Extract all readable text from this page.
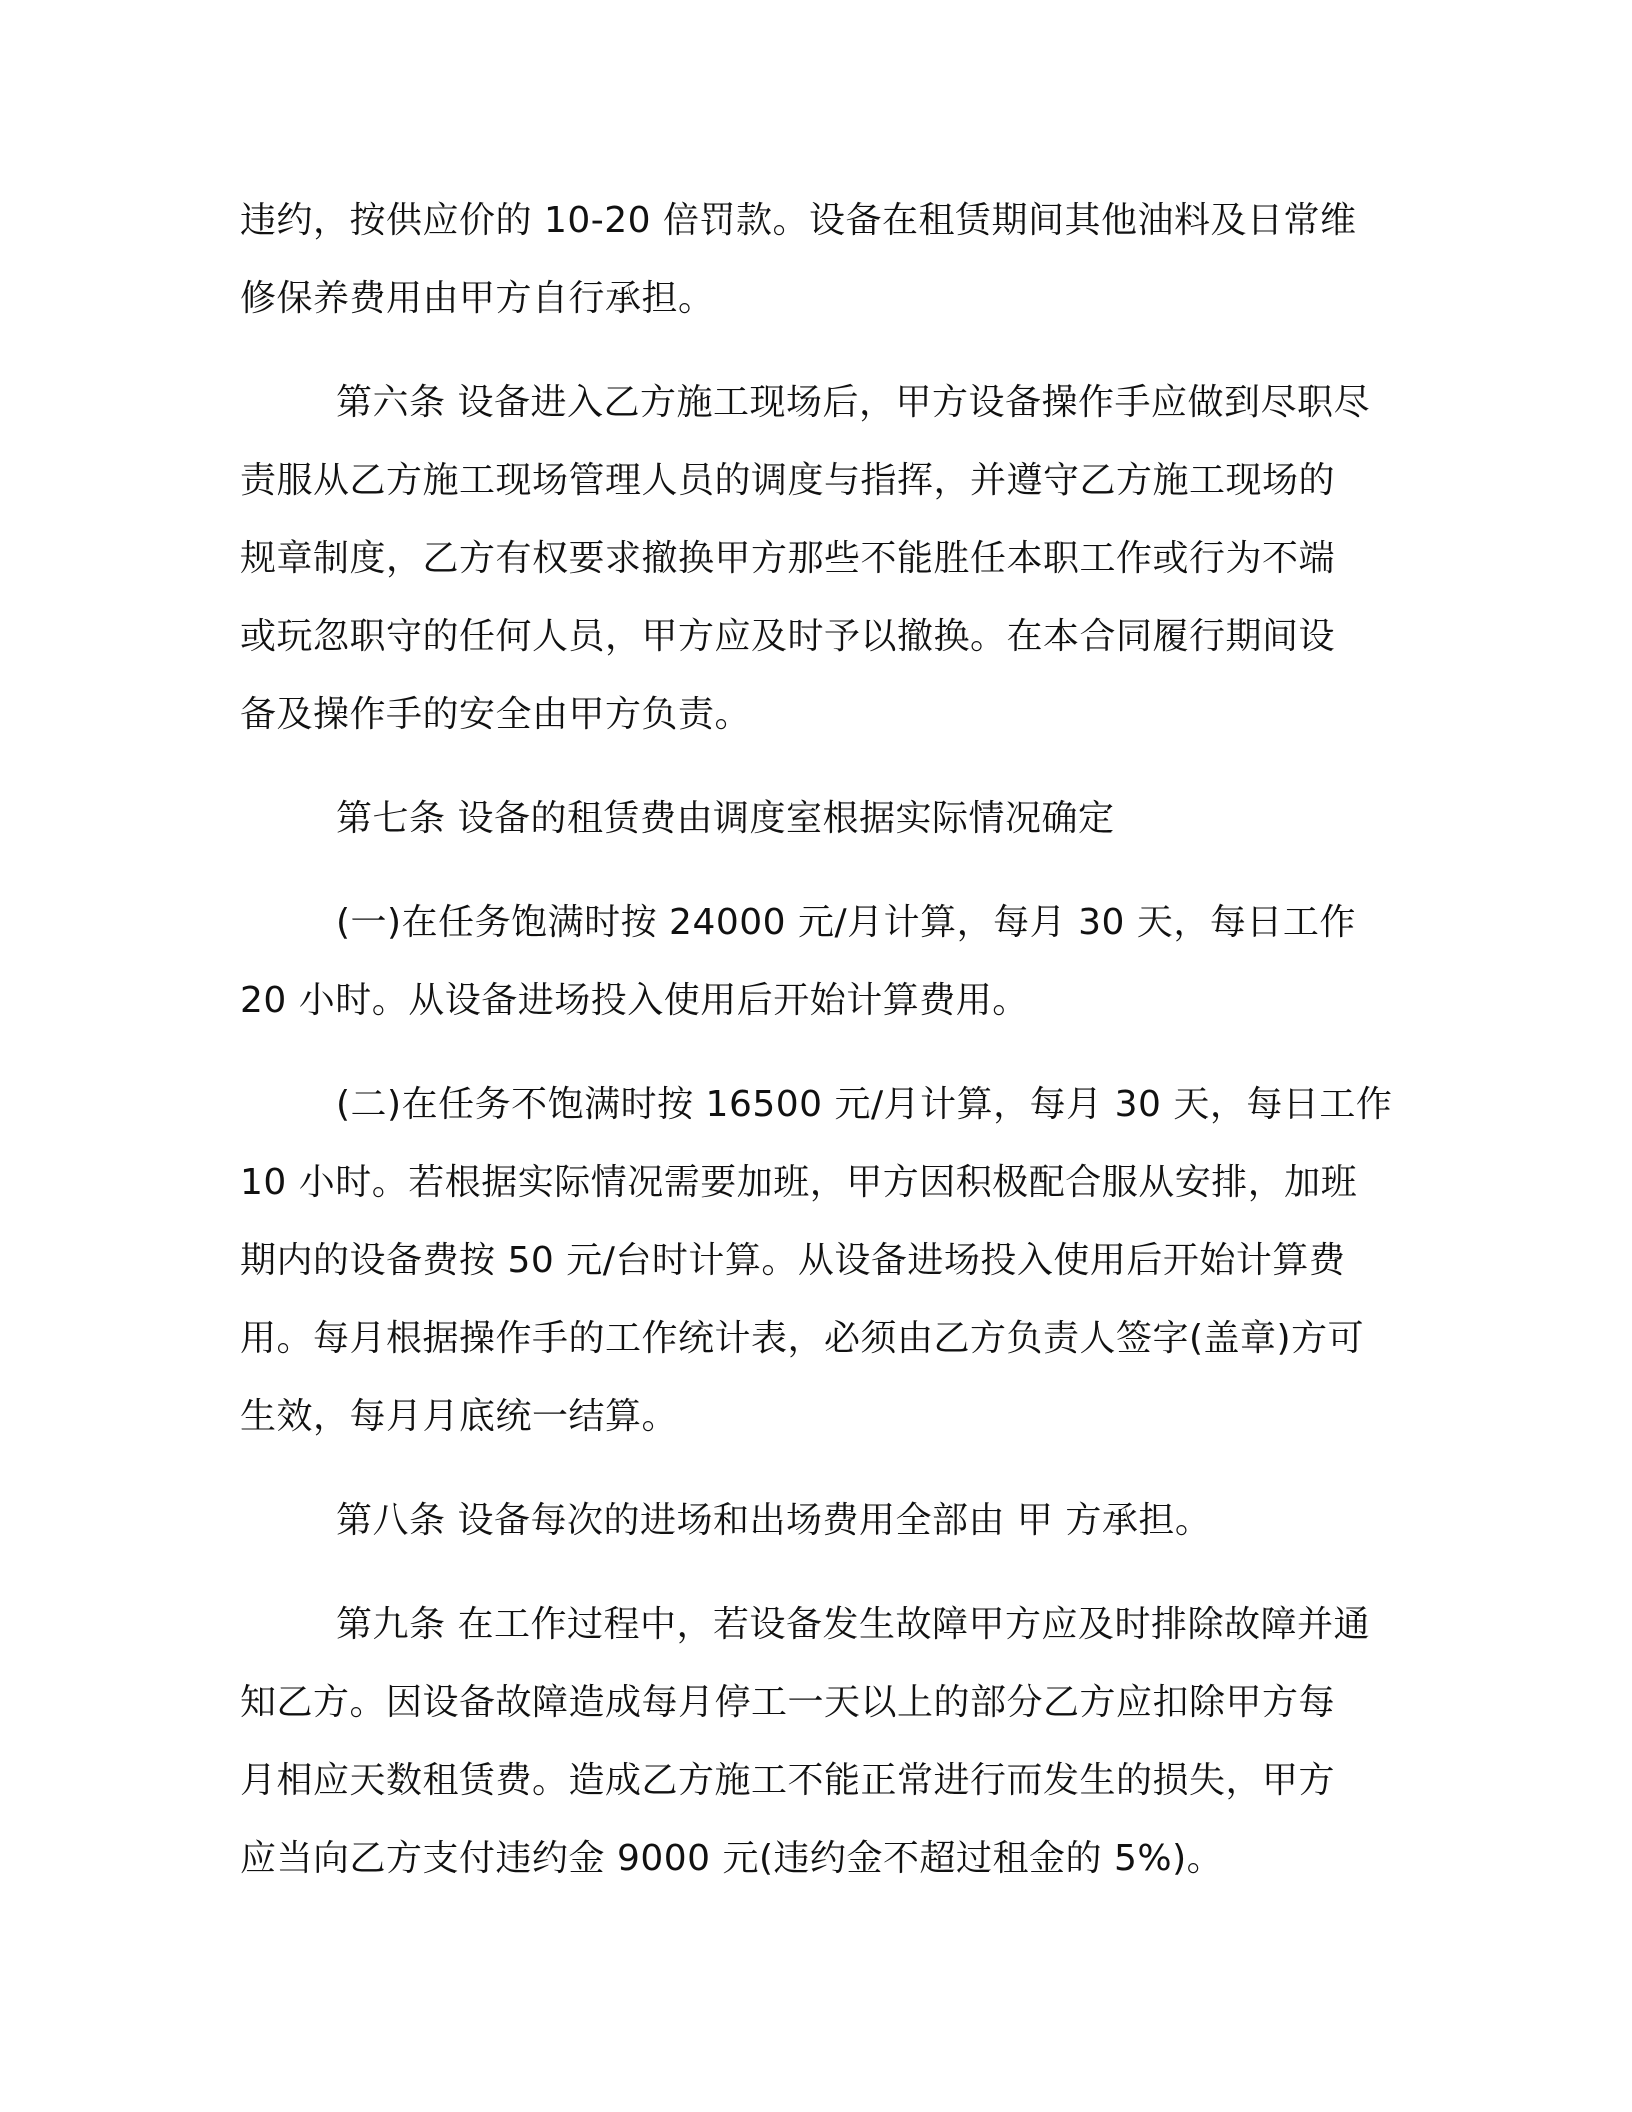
违约，按供应价的 10-20 倍罚款。设备在租赁期间其他油料及日常维
修保养费用由甲方自行承担。

第六条 设备进入乙方施工现场后，甲方设备操作手应做到尽职尽
责服从乙方施工现场管理人员的调度与指挥，并遵守乙方施工现场的
规章制度，乙方有权要求撤换甲方那些不能胜任本职工作或行为不端
或玩忽职守的任何人员，甲方应及时予以撤换。在本合同履行期间设
备及操作手的安全由甲方负责。

第七条 设备的租赁费由调度室根据实际情况确定

(一)在任务饱满时按 24000 元/月计算，每月 30 天，每日工作
20 小时。从设备进场投入使用后开始计算费用。

(二)在任务不饱满时按 16500 元/月计算，每月 30 天，每日工作
10 小时。若根据实际情况需要加班，甲方因积极配合服从安排，加班
期内的设备费按 50 元/台时计算。从设备进场投入使用后开始计算费
用。每月根据操作手的工作统计表，必须由乙方负责人签字(盖章)方可
生效，每月月底统一结算。

第八条 设备每次的进场和出场费用全部由 甲 方承担。

第九条 在工作过程中，若设备发生故障甲方应及时排除故障并通
知乙方。因设备故障造成每月停工一天以上的部分乙方应扣除甲方每
月相应天数租赁费。造成乙方施工不能正常进行而发生的损失，甲方
应当向乙方支付违约金 9000 元(违约金不超过租金的 5%)。
